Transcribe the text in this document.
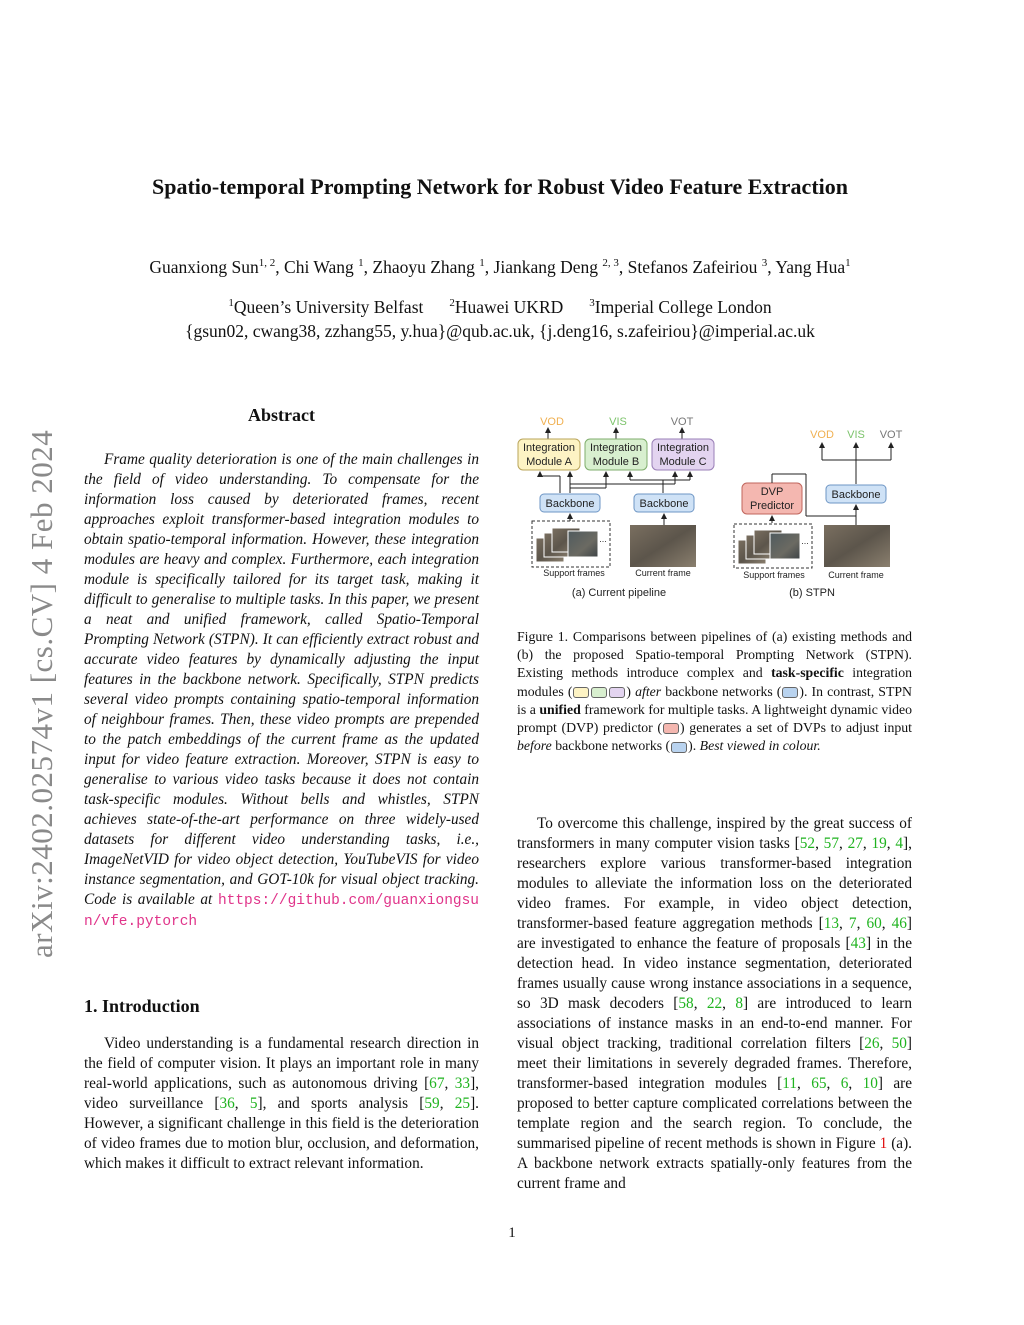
arXiv:2402.02574v1 [cs.CV] 4 Feb 2024
Spatio-temporal Prompting Network for Robust Video Feature Extraction
Guanxiong Sun$^{1, 2}$, Chi Wang $^1$, Zhaoyu Zhang $^1$, Jiankang Deng $^{2, 3}$, Stefanos Zafeiriou $^3$, Yang Hua$^1$
$^1$Queen’s University Belfast $^2$Huawei UKRD $^3$Imperial College London
{gsun02, cwang38, zzhang55, y.hua}@qub.ac.uk, {j.deng16, s.zafeiriou}@imperial.ac.uk
Abstract
Frame quality deterioration is one of the main challenges in the field of video understanding. To compensate for the information loss caused by deteriorated frames, recent approaches exploit transformer-based integration modules to obtain spatio-temporal information. However, these integration modules are heavy and complex. Furthermore, each integration module is specifically tailored for its target task, making it difficult to generalise to multiple tasks. In this paper, we present a neat and unified framework, called Spatio-Temporal Prompting Network (STPN). It can efficiently extract robust and accurate video features by dynamically adjusting the input features in the backbone network. Specifically, STPN predicts several video prompts containing spatio-temporal information of neighbour frames. Then, these video prompts are prepended to the patch embeddings of the current frame as the updated input for video feature extraction. Moreover, STPN is easy to generalise to various video tasks because it does not contain task-specific modules. Without bells and whistles, STPN achieves state-of-the-art performance on three widely-used datasets for different video understanding tasks, i.e., ImageNetVID for video object detection, YouTubeVIS for video instance segmentation, and GOT-10k for visual object tracking. Code is available at https://github.com/guanxiongsun/vfe.pytorch
1. Introduction
Video understanding is a fundamental research direction in the field of computer vision. It plays an important role in many real-world applications, such as autonomous driving [67, 33], video surveillance [36, 5], and sports analysis [59, 25]. However, a significant challenge in this field is the deterioration of video frames due to motion blur, occlusion, and deformation, which makes it difficult to extract relevant information.
VOD	VIS	VOT
Integration
Module A
Integration
Module B
Integration
Module C
Backbone	Backbone
...
Support frames	Current frame
(a) Current pipeline
VOD VIS VOT
Backbone
DVP
Predictor
...
Support frames	Current frame
(b) STPN
Figure 1. Comparisons between pipelines of (a) existing methods and (b) the proposed Spatio-temporal Prompting Network (STPN). Existing methods introduce complex and task-specific integration modules (	) after backbone networks ( ). In contrast, STPN is a unified framework for multiple tasks. A lightweight dynamic video prompt (DVP) predictor ( ) generates a set of DVPs to adjust input before backbone networks ( ). Best viewed in colour.
To overcome this challenge, inspired by the great success of transformers in many computer vision tasks [52, 57, 27, 19, 4], researchers explore various transformer-based integration modules to alleviate the information loss on the deteriorated video frames. For example, in video object detection, transformer-based feature aggregation methods [13, 7, 60, 46] are investigated to enhance the feature of proposals [43] in the detection head. In video instance segmentation, deteriorated frames usually cause wrong instance associations in a sequence, so 3D mask decoders [58, 22, 8] are introduced to learn associations of instance masks in an end-to-end manner. For visual object tracking, traditional correlation filters [26, 50] meet their limitations in severely degraded frames. Therefore, transformer-based integration modules [11, 65, 6, 10] are proposed to better capture complicated correlations between the template region and the search region. To conclude, the summarised pipeline of recent methods is shown in Figure 1 (a). A backbone network extracts spatially-only features from the current frame and
1
